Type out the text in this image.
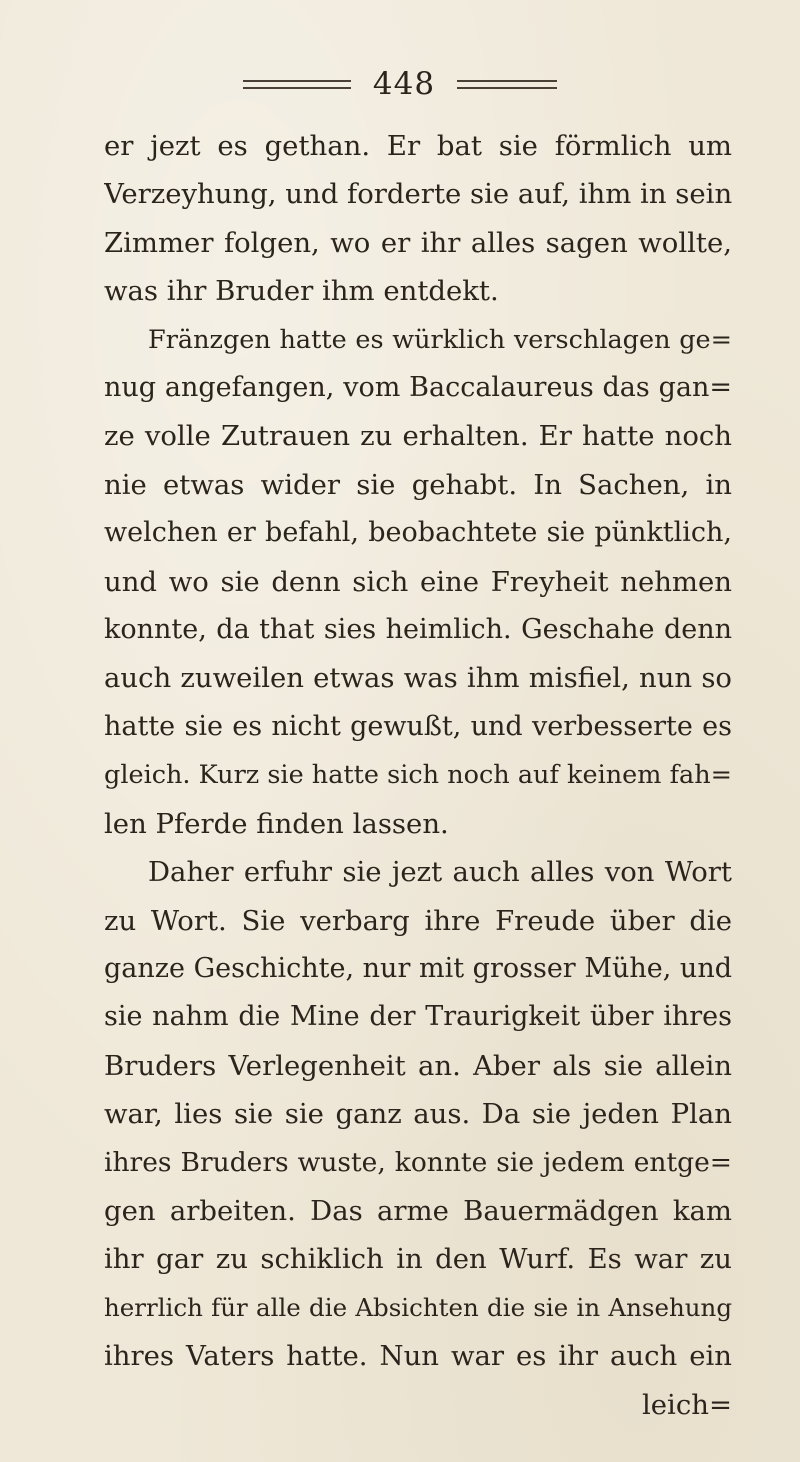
448
er jezt es gethan. Er bat sie förmlich um
Verzeyhung, und forderte sie auf, ihm in sein
Zimmer folgen, wo er ihr alles sagen wollte,
was ihr Bruder ihm entdekt.
Fränzgen hatte es würklich verschlagen ge=
nug angefangen, vom Baccalaureus das gan=
ze volle Zutrauen zu erhalten. Er hatte noch
nie etwas wider sie gehabt. In Sachen, in
welchen er befahl, beobachtete sie pünktlich,
und wo sie denn sich eine Freyheit nehmen
konnte, da that sies heimlich. Geschahe denn
auch zuweilen etwas was ihm misfiel, nun so
hatte sie es nicht gewußt, und verbesserte es
gleich. Kurz sie hatte sich noch auf keinem fah=
len Pferde finden lassen.
Daher erfuhr sie jezt auch alles von Wort
zu Wort. Sie verbarg ihre Freude über die
ganze Geschichte, nur mit grosser Mühe, und
sie nahm die Mine der Traurigkeit über ihres
Bruders Verlegenheit an. Aber als sie allein
war, lies sie sie ganz aus. Da sie jeden Plan
ihres Bruders wuste, konnte sie jedem entge=
gen arbeiten. Das arme Bauermädgen kam
ihr gar zu schiklich in den Wurf. Es war zu
herrlich für alle die Absichten die sie in Ansehung
ihres Vaters hatte. Nun war es ihr auch ein
leich=
